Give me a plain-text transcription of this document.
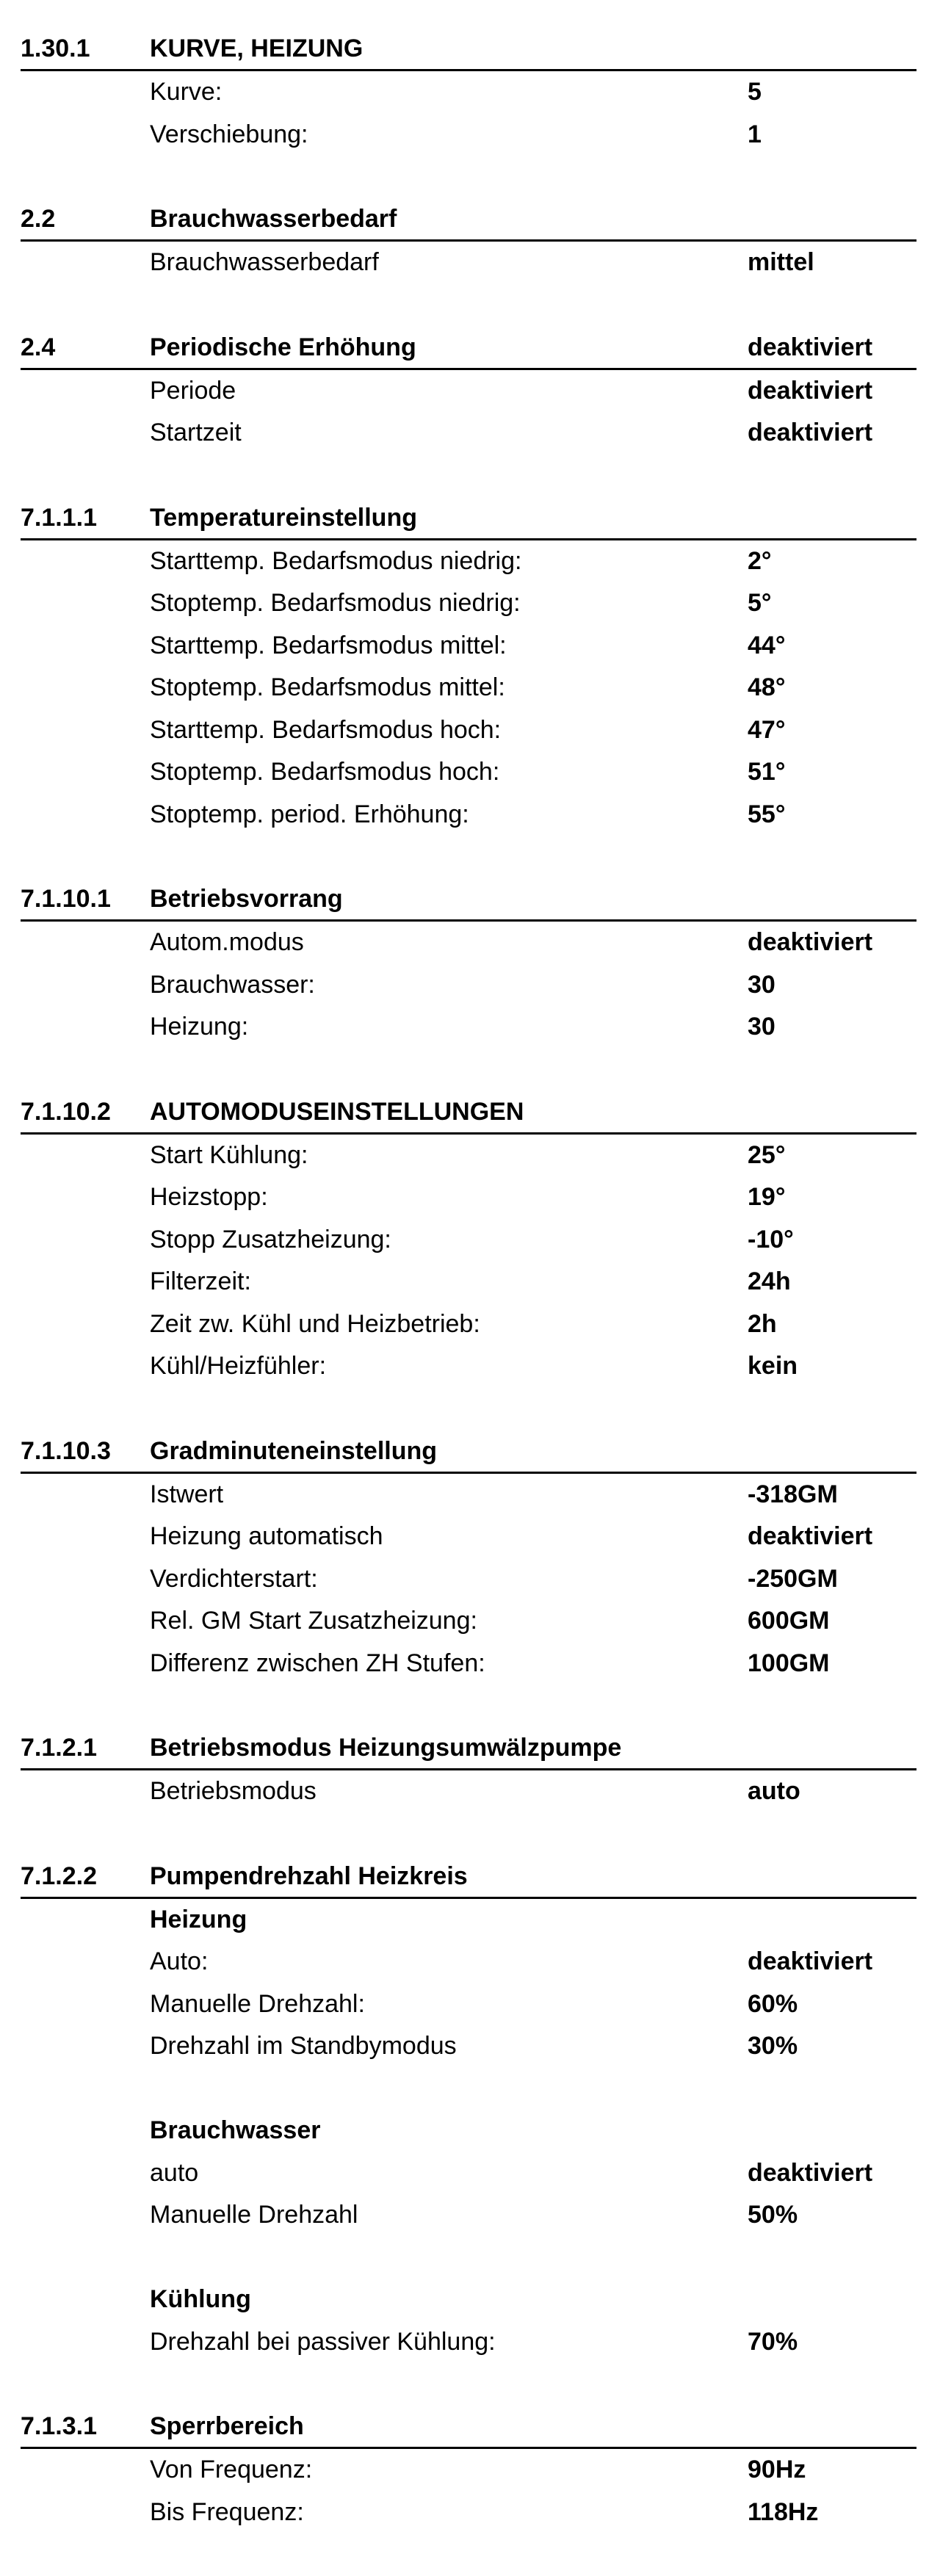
1.30.1 KURVE, HEIZUNG
Kurve:	5
Verschiebung:	1
2.2	Brauchwasserbedarf
Brauchwasserbedarf	mittel
2.4	Periodische Erhöhung	deaktiviert
Periode	deaktiviert
Startzeit	deaktiviert
7.1.1.1 Temperatureinstellung
Starttemp. Bedarfsmodus niedrig:	2°
Stoptemp. Bedarfsmodus niedrig:	5°
Starttemp. Bedarfsmodus mittel:	44°
Stoptemp. Bedarfsmodus mittel:	48°
Starttemp. Bedarfsmodus hoch:	47°
Stoptemp. Bedarfsmodus hoch:	51°
Stoptemp. period. Erhöhung:	55°
7.1.10.1 Betriebsvorrang
Autom.modus	deaktiviert
Brauchwasser:	30
Heizung:	30
7.1.10.2 AUTOMODUSEINSTELLUNGEN
Start Kühlung:	25°
Heizstopp:	19°
Stopp Zusatzheizung:	-10°
Filterzeit:	24h
Zeit zw. Kühl und Heizbetrieb:	2h
Kühl/Heizfühler:	kein
7.1.10.3 Gradminuteneinstellung
Istwert	-318GM
Heizung automatisch	deaktiviert
Verdichterstart:	-250GM
Rel. GM Start Zusatzheizung:	600GM
Differenz zwischen ZH Stufen:	100GM
7.1.2.1 Betriebsmodus Heizungsumwälzpumpe
Betriebsmodus	auto
7.1.2.2 Pumpendrehzahl Heizkreis
Heizung
Auto:	deaktiviert
Manuelle Drehzahl:	60%
Drehzahl im Standbymodus	30%
Brauchwasser
auto	deaktiviert
Manuelle Drehzahl	50%
Kühlung
Drehzahl bei passiver Kühlung:	70%
7.1.3.1 Sperrbereich
Von Frequenz:	90Hz
Bis Frequenz:	118Hz
